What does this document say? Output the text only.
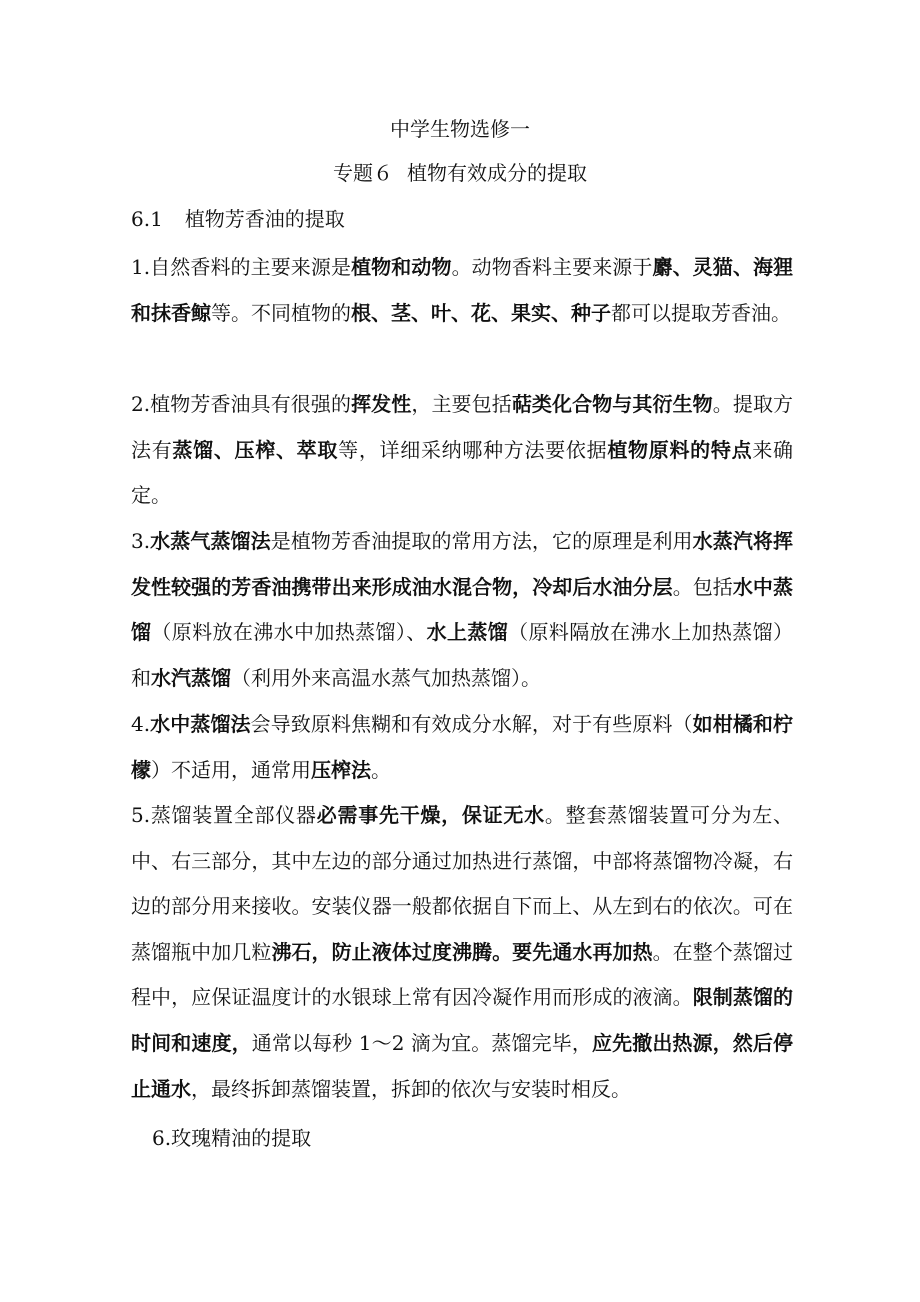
中学生物选修一
专题６ 植物有效成分的提取
6.1 植物芳香油的提取

1.自然香料的主要来源是植物和动物。动物香料主要来源于麝、灵猫、海狸和抹香鲸等。不同植物的根、茎、叶、花、果实、种子都可以提取芳香油。

2.植物芳香油具有很强的挥发性，主要包括萜类化合物与其衍生物。提取方法有蒸馏、压榨、萃取等，详细采纳哪种方法要依据植物原料的特点来确定。

3.水蒸气蒸馏法是植物芳香油提取的常用方法，它的原理是利用水蒸汽将挥发性较强的芳香油携带出来形成油水混合物，冷却后水油分层。包括水中蒸馏（原料放在沸水中加热蒸馏）、水上蒸馏（原料隔放在沸水上加热蒸馏）和水汽蒸馏（利用外来高温水蒸气加热蒸馏）。

4.水中蒸馏法会导致原料焦糊和有效成分水解，对于有些原料（如柑橘和柠檬）不适用，通常用压榨法。

5.蒸馏装置全部仪器必需事先干燥，保证无水。整套蒸馏装置可分为左、中、右三部分，其中左边的部分通过加热进行蒸馏，中部将蒸馏物冷凝，右边的部分用来接收。安装仪器一般都依据自下而上、从左到右的依次。可在蒸馏瓶中加几粒沸石，防止液体过度沸腾。要先通水再加热。在整个蒸馏过程中，应保证温度计的水银球上常有因冷凝作用而形成的液滴。限制蒸馏的时间和速度，通常以每秒 1～2 滴为宜。蒸馏完毕，应先撤出热源，然后停止通水，最终拆卸蒸馏装置，拆卸的依次与安装时相反。

6.玫瑰精油的提取
